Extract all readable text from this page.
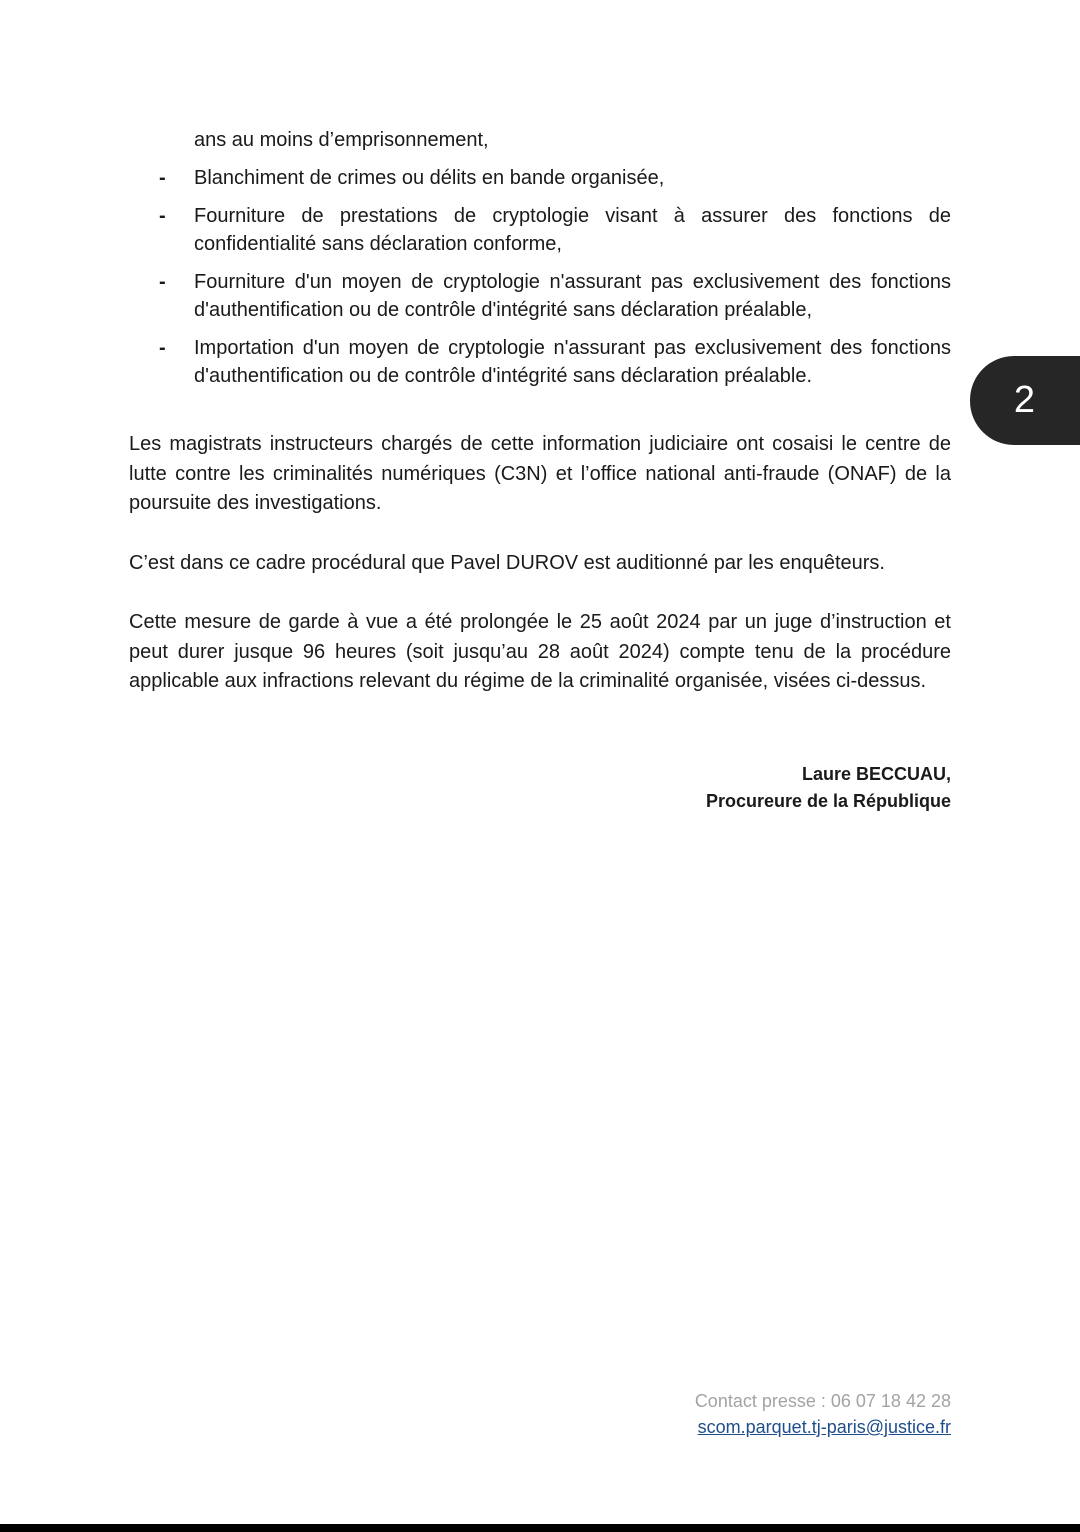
ans au moins d’emprisonnement,
- Blanchiment de crimes ou délits en bande organisée,
- Fourniture de prestations de cryptologie visant à assurer des fonctions de confidentialité sans déclaration conforme,
- Fourniture d'un moyen de cryptologie n'assurant pas exclusivement des fonctions d'authentification ou de contrôle d'intégrité sans déclaration préalable,
- Importation d'un moyen de cryptologie n'assurant pas exclusivement des fonctions d'authentification ou de contrôle d'intégrité sans déclaration préalable.

Les magistrats instructeurs chargés de cette information judiciaire ont cosaisi le centre de lutte contre les criminalités numériques (C3N) et l’office national anti-fraude (ONAF) de la poursuite des investigations.

C’est dans ce cadre procédural que Pavel DUROV est auditionné par les enquêteurs.

Cette mesure de garde à vue a été prolongée le 25 août 2024 par un juge d’instruction et peut durer jusque 96 heures (soit jusqu’au 28 août 2024) compte tenu de la procédure applicable aux infractions relevant du régime de la criminalité organisée, visées ci-dessus.

Laure BECCUAU,
Procureure de la République
Contact presse : 06 07 18 42 28
scom.parquet.tj-paris@justice.fr
2
